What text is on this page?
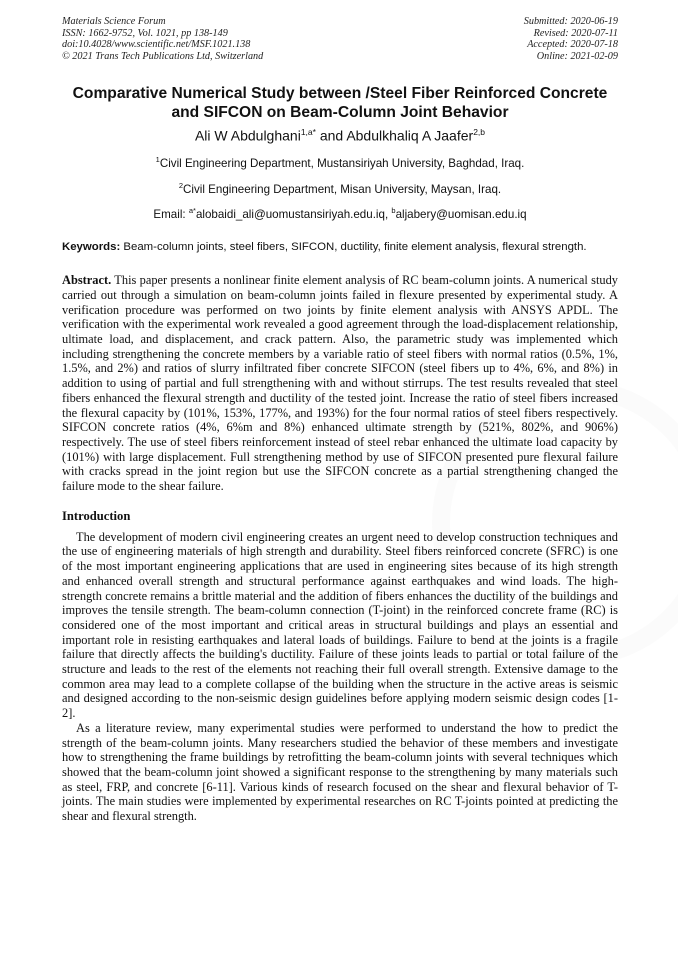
Materials Science Forum
ISSN: 1662-9752, Vol. 1021, pp 138-149
doi:10.4028/www.scientific.net/MSF.1021.138
© 2021 Trans Tech Publications Ltd, Switzerland
Submitted: 2020-06-19
Revised: 2020-07-11
Accepted: 2020-07-18
Online: 2021-02-09
Comparative Numerical Study between /Steel Fiber Reinforced Concrete
and SIFCON on Beam-Column Joint Behavior
Ali W Abdulghani$^{1,a*}$ and Abdulkhaliq A Jaafer$^{2,b}$
$^1$Civil Engineering Department, Mustansiriyah University, Baghdad, Iraq.
$^2$Civil Engineering Department, Misan University, Maysan, Iraq.
Email: $^{a*}$alobaidi_ali@uomustansiriyah.edu.iq, $^b$aljabery@uomisan.edu.iq
Keywords: Beam-column joints, steel fibers, SIFCON, ductility, finite element analysis, flexural strength.
Abstract. This paper presents a nonlinear finite element analysis of RC beam-column joints. A numerical study carried out through a simulation on beam-column joints failed in flexure presented by experimental study. A verification procedure was performed on two joints by finite element analysis with ANSYS APDL. The verification with the experimental work revealed a good agreement through the load-displacement relationship, ultimate load, and displacement, and crack pattern. Also, the parametric study was implemented which including strengthening the concrete members by a variable ratio of steel fibers with normal ratios (0.5%, 1%, 1.5%, and 2%) and ratios of slurry infiltrated fiber concrete SIFCON (steel fibers up to 4%, 6%, and 8%) in addition to using of partial and full strengthening with and without stirrups. The test results revealed that steel fibers enhanced the flexural strength and ductility of the tested joint. Increase the ratio of steel fibers increased the flexural capacity by (101%, 153%, 177%, and 193%) for the four normal ratios of steel fibers respectively. SIFCON concrete ratios (4%, 6%m and 8%) enhanced ultimate strength by (521%, 802%, and 906%) respectively. The use of steel fibers reinforcement instead of steel rebar enhanced the ultimate load capacity by (101%) with large displacement. Full strengthening method by use of SIFCON presented pure flexural failure with cracks spread in the joint region but use the SIFCON concrete as a partial strengthening changed the failure mode to the shear failure.
Introduction

The development of modern civil engineering creates an urgent need to develop construction techniques and the use of engineering materials of high strength and durability. Steel fibers reinforced concrete (SFRC) is one of the most important engineering applications that are used in engineering sites because of its high strength and enhanced overall strength and structural performance against earthquakes and wind loads. The high-strength concrete remains a brittle material and the addition of fibers enhances the ductility of the buildings and improves the tensile strength. The beam-column connection (T-joint) in the reinforced concrete frame (RC) is considered one of the most important and critical areas in structural buildings and plays an essential and important role in resisting earthquakes and lateral loads of buildings. Failure to bend at the joints is a fragile failure that directly affects the building's ductility. Failure of these joints leads to partial or total failure of the structure and leads to the rest of the elements not reaching their full overall strength. Extensive damage to the common area may lead to a complete collapse of the building when the structure in the active areas is seismic and designed according to the non-seismic design guidelines before applying modern seismic design codes [1-2].

As a literature review, many experimental studies were performed to understand the how to predict the strength of the beam-column joints. Many researchers studied the behavior of these members and investigate how to strengthening the frame buildings by retrofitting the beam-column joints with several techniques which showed that the beam-column joint showed a significant response to the strengthening by many materials such as steel, FRP, and concrete [6-11]. Various kinds of research focused on the shear and flexural behavior of T- joints. The main studies were implemented by experimental researches on RC T-joints pointed at predicting the shear and flexural strength.
